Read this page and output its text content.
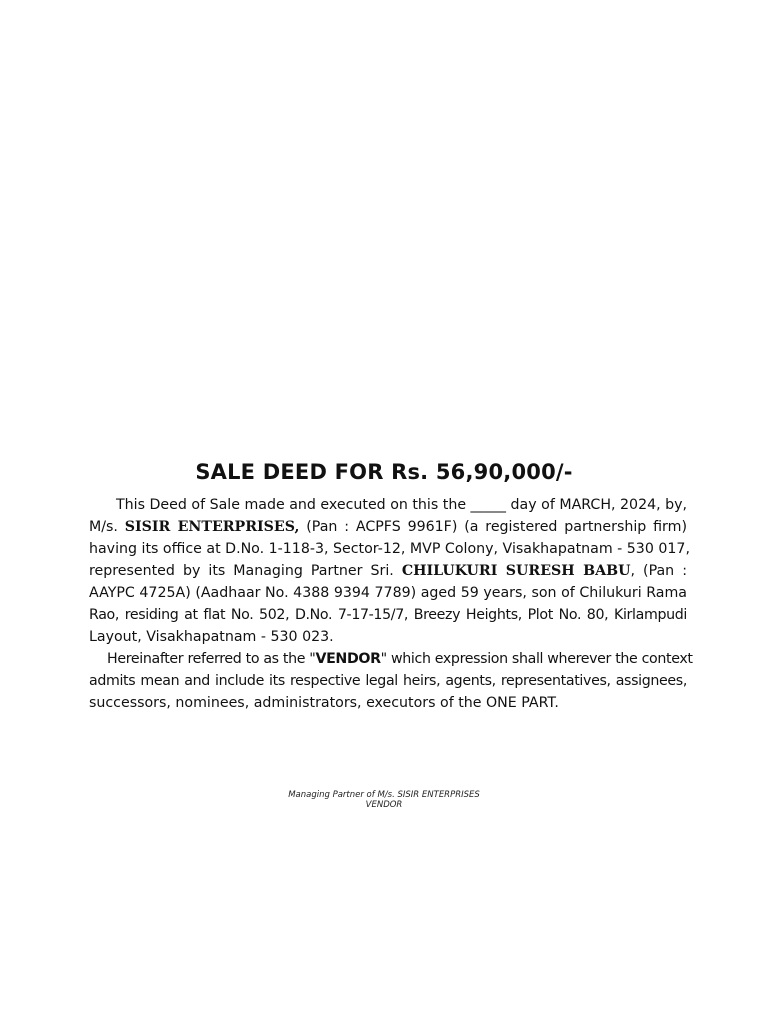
SALE DEED FOR Rs. 56,90,000/-
This Deed of Sale made and executed on this the _____ day of MARCH, 2024, by,
M/s. SISIR ENTERPRISES, (Pan : ACPFS 9961F) (a registered partnership firm)
having its office at D.No. 1-118-3, Sector-12, MVP Colony, Visakhapatnam - 530 017,
represented by its Managing Partner Sri. CHILUKURI SURESH BABU, (Pan :
AAYPC 4725A) (Aadhaar No. 4388 9394 7789) aged 59 years, son of Chilukuri Rama
Rao, residing at flat No. 502, D.No. 7-17-15/7, Breezy Heights, Plot No. 80, Kirlampudi
Layout, Visakhapatnam - 530 023.
Hereinafter referred to as the "VENDOR" which expression shall wherever the context
admits mean and include its respective legal heirs, agents, representatives, assignees,
successors, nominees, administrators, executors of the ONE PART.
Managing Partner of M/s. SISIR ENTERPRISES
VENDOR
